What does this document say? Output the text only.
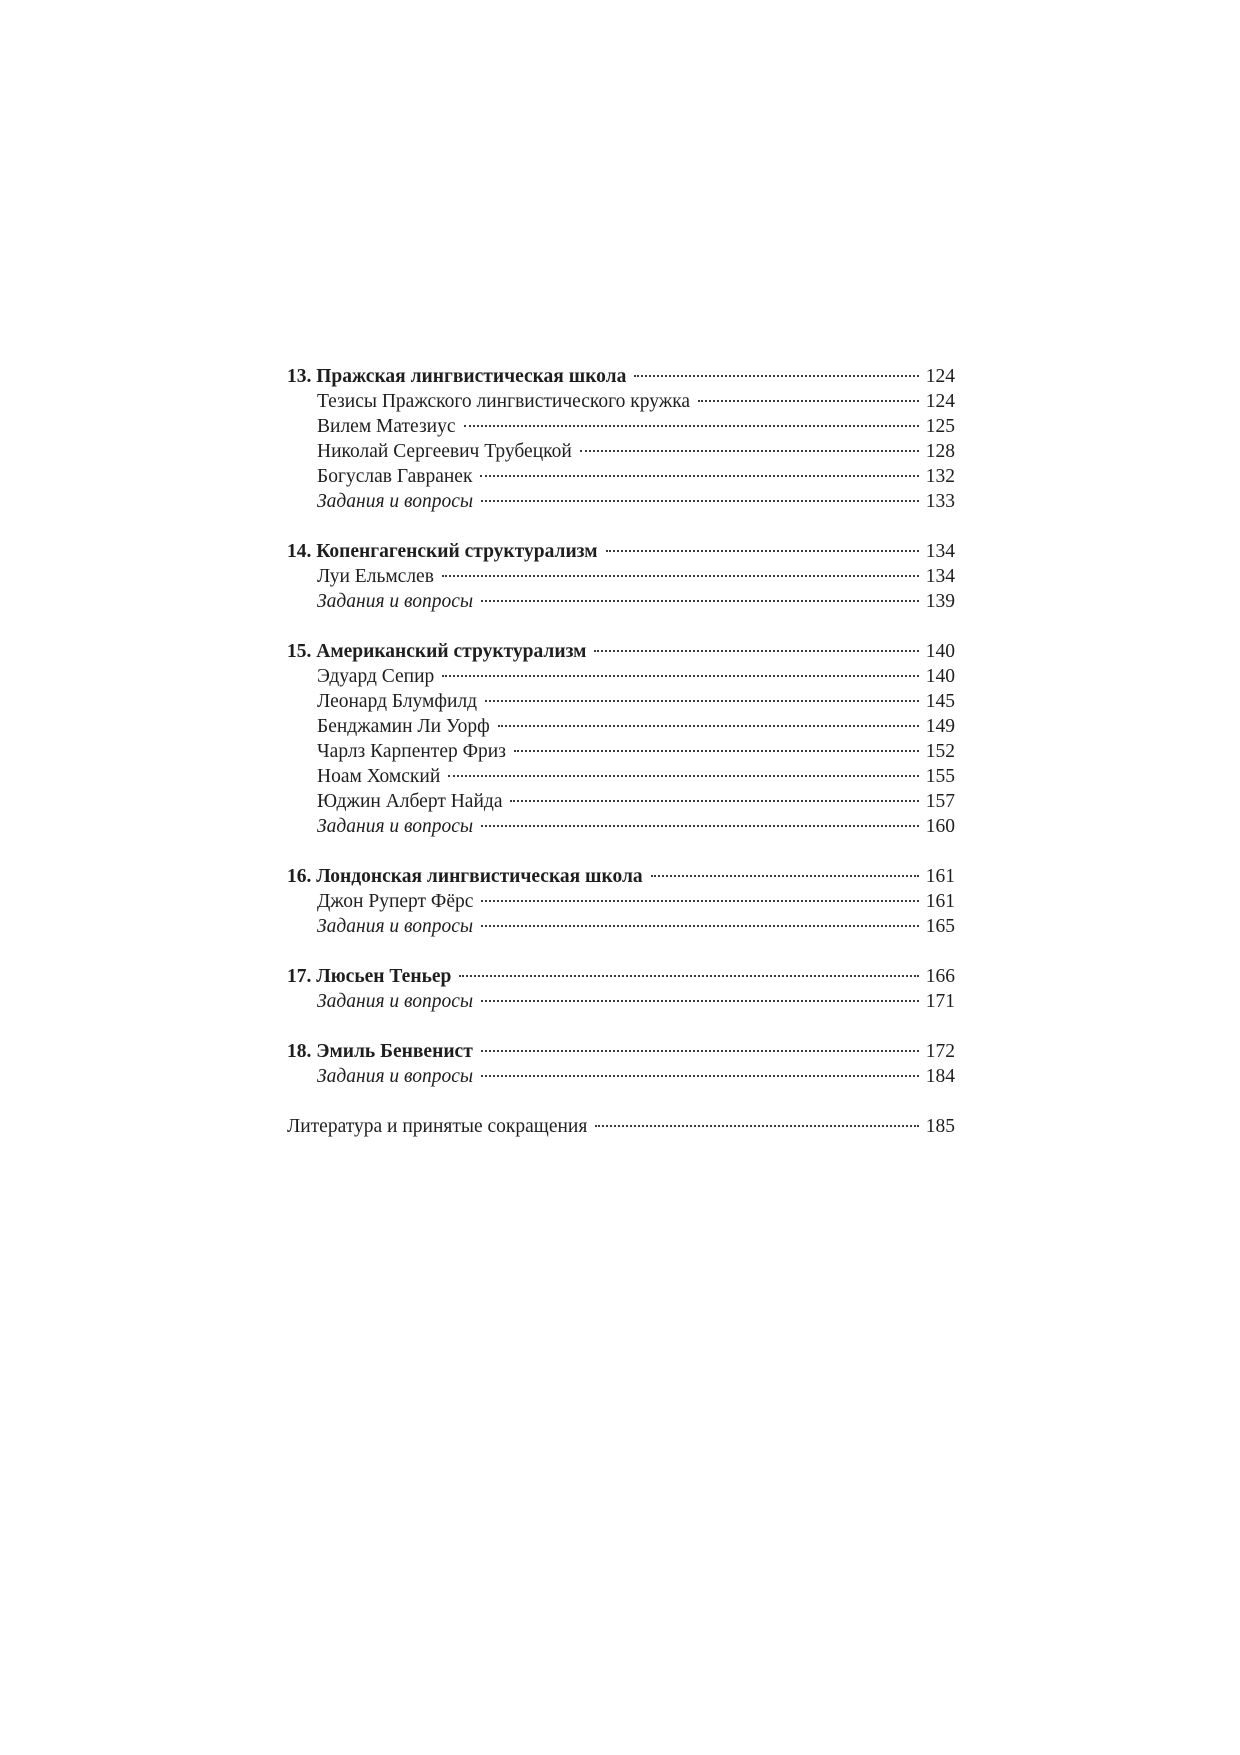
13. Пражская лингвистическая школа	124
Тезисы Пражского лингвистического кружка	124
Вилем Матезиус	125
Николай Сергеевич Трубецкой	128
Богуслав Гавранек	132
Задания и вопросы	133
14. Копенгагенский структурализм	134
Луи Ельмслев	134
Задания и вопросы	139
15. Американский структурализм	140
Эдуард Сепир	140
Леонард Блумфилд	145
Бенджамин Ли Уорф	149
Чарлз Карпентер Фриз	152
Ноам Хомский	155
Юджин Алберт Найда	157
Задания и вопросы	160
16. Лондонская лингвистическая школа	161
Джон Руперт Фёрс	161
Задания и вопросы	165
17. Люсьен Теньер	166
Задания и вопросы	171
18. Эмиль Бенвенист	172
Задания и вопросы	184
Литература и принятые сокращения	185
